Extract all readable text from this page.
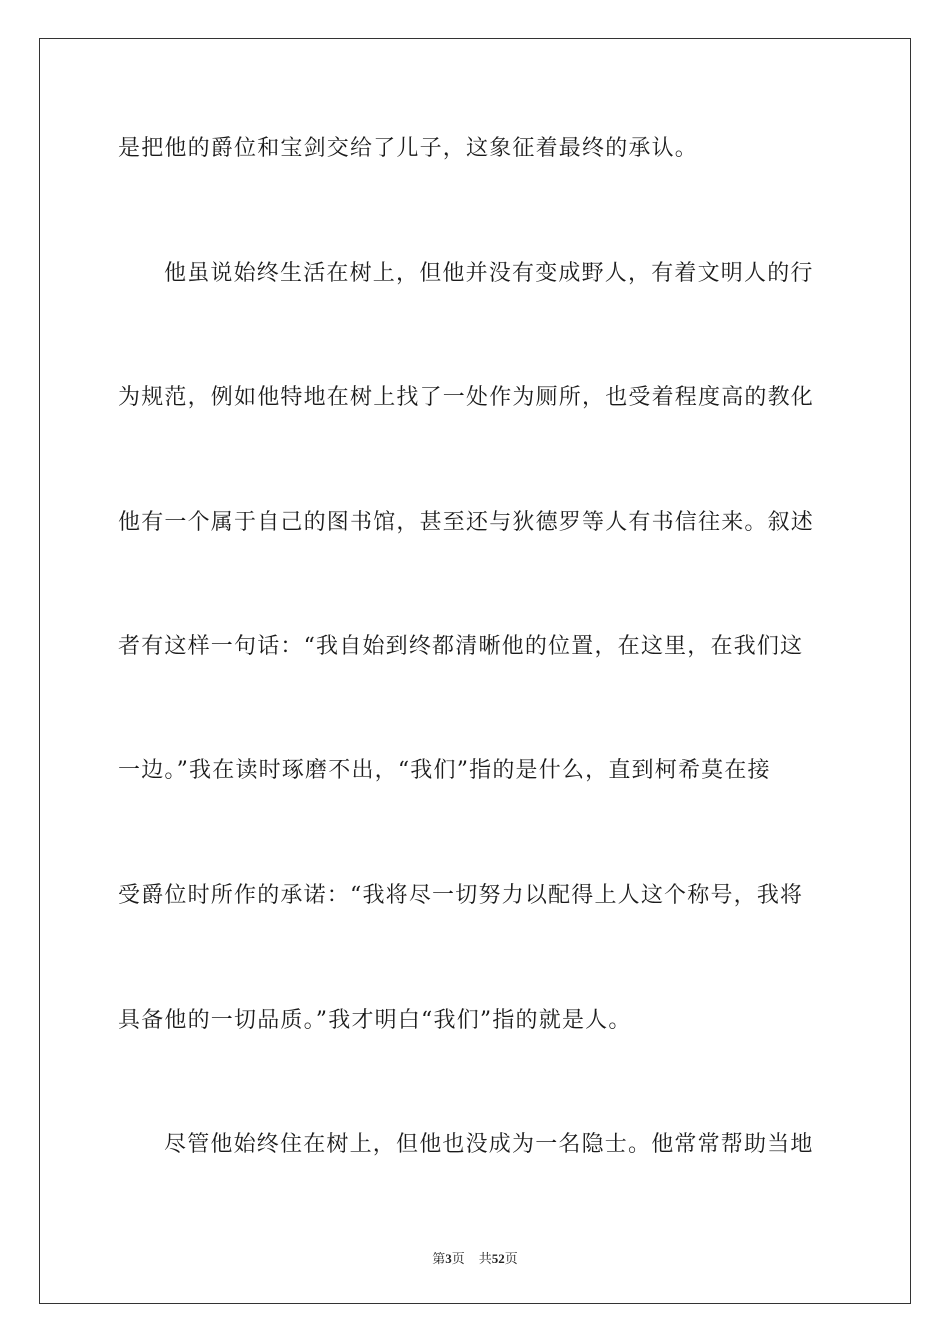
是把他的爵位和宝剑交给了儿子，这象征着最终的承认。
他虽说始终生活在树上，但他并没有变成野人，有着文明人的行
为规范，例如他特地在树上找了一处作为厕所，也受着程度高的教化
他有一个属于自己的图书馆，甚至还与狄德罗等人有书信往来。叙述
者有这样一句话：“我自始到终都清晰他的位置，在这里，在我们这
一边。”我在读时琢磨不出，“我们”指的是什么，直到柯希莫在接
受爵位时所作的承诺：“我将尽一切努力以配得上人这个称号，我将
具备他的一切品质。”我才明白“我们”指的就是人。
尽管他始终住在树上，但他也没成为一名隐士。他常常帮助当地
第3页 共52页
